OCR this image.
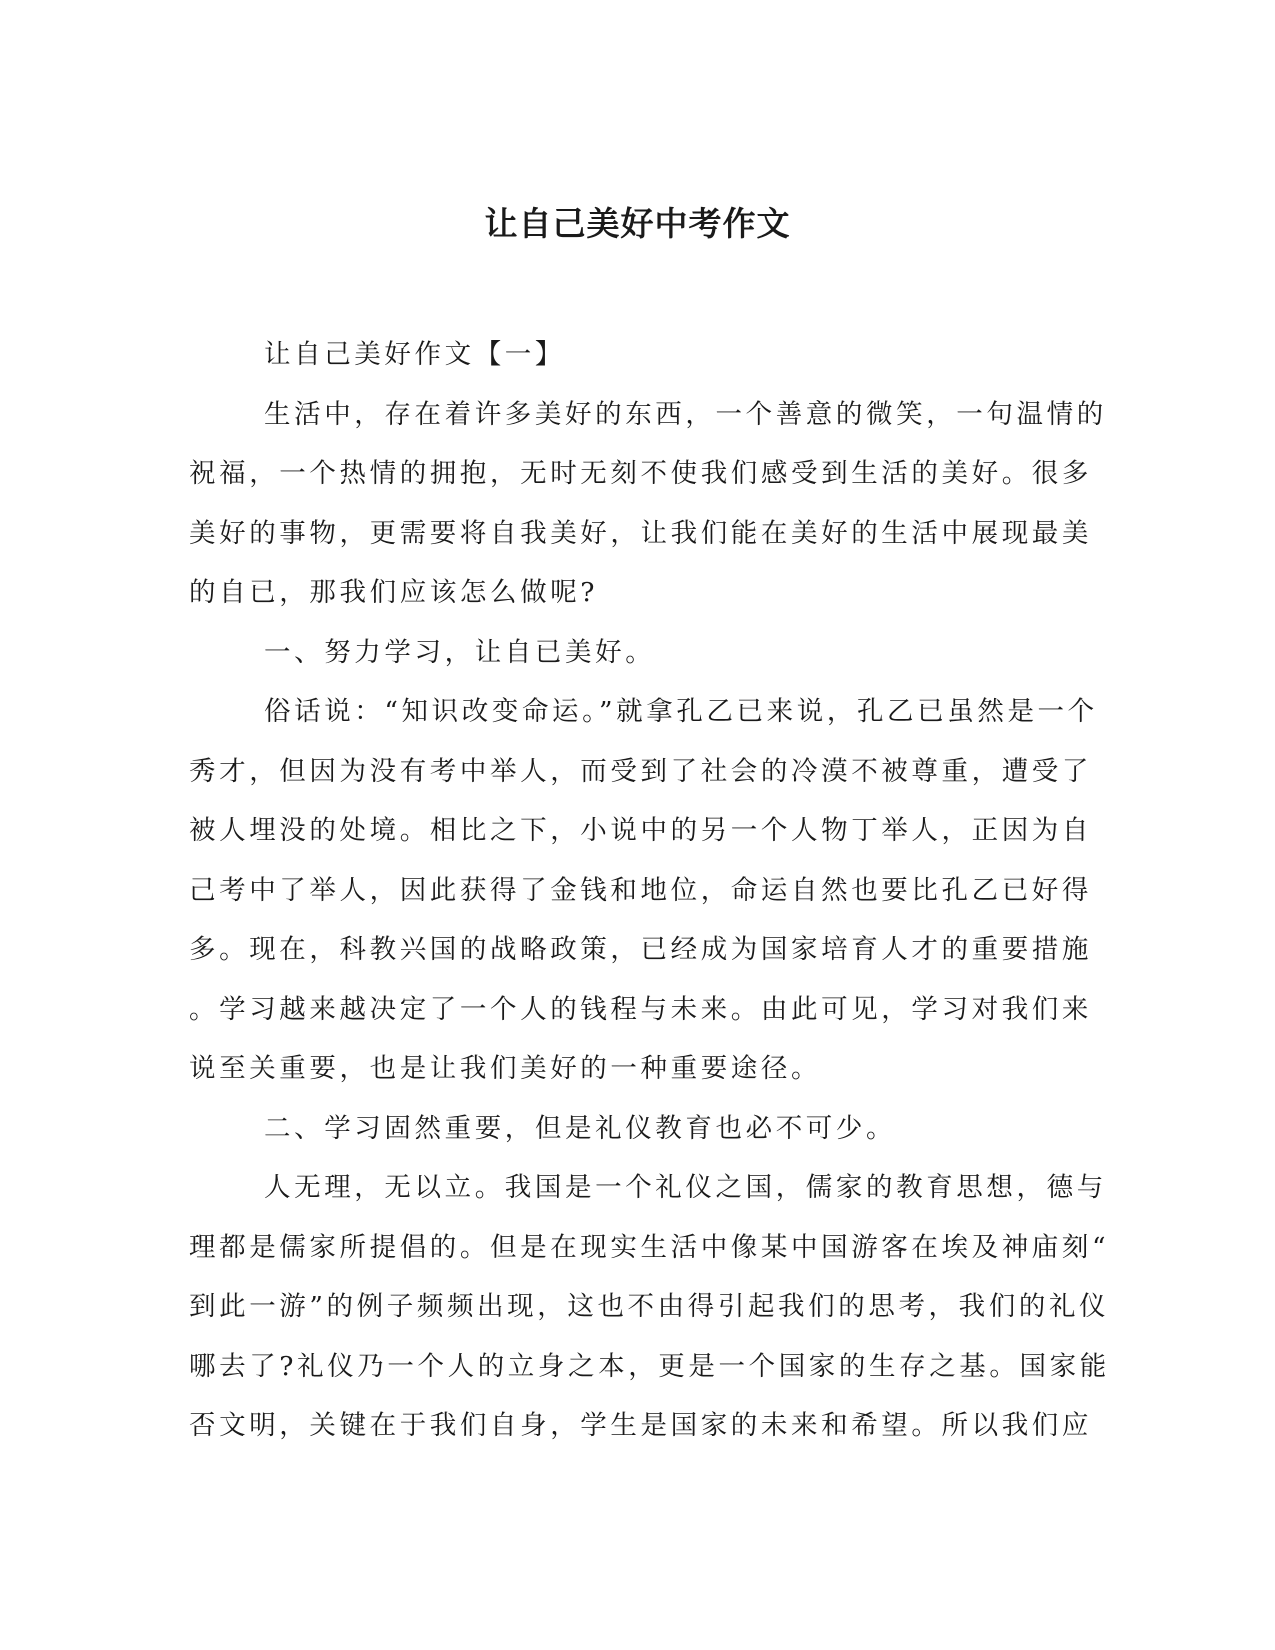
让自己美好中考作文
让自己美好作文【一】
生活中，存在着许多美好的东西，一个善意的微笑，一句温情的
祝福，一个热情的拥抱，无时无刻不使我们感受到生活的美好。很多
美好的事物，更需要将自我美好，让我们能在美好的生活中展现最美
的自已，那我们应该怎么做呢?
一、努力学习，让自已美好。
俗话说：“知识改变命运。”就拿孔乙已来说，孔乙已虽然是一个
秀才，但因为没有考中举人，而受到了社会的冷漠不被尊重，遭受了
被人埋没的处境。相比之下，小说中的另一个人物丁举人，正因为自
己考中了举人，因此获得了金钱和地位，命运自然也要比孔乙已好得
多。现在，科教兴国的战略政策，已经成为国家培育人才的重要措施
。学习越来越决定了一个人的钱程与未来。由此可见，学习对我们来
说至关重要，也是让我们美好的一种重要途径。
二、学习固然重要，但是礼仪教育也必不可少。
人无理，无以立。我国是一个礼仪之国，儒家的教育思想，德与
理都是儒家所提倡的。但是在现实生活中像某中国游客在埃及神庙刻“
到此一游”的例子频频出现，这也不由得引起我们的思考，我们的礼仪
哪去了?礼仪乃一个人的立身之本，更是一个国家的生存之基。国家能
否文明，关键在于我们自身，学生是国家的未来和希望。所以我们应
